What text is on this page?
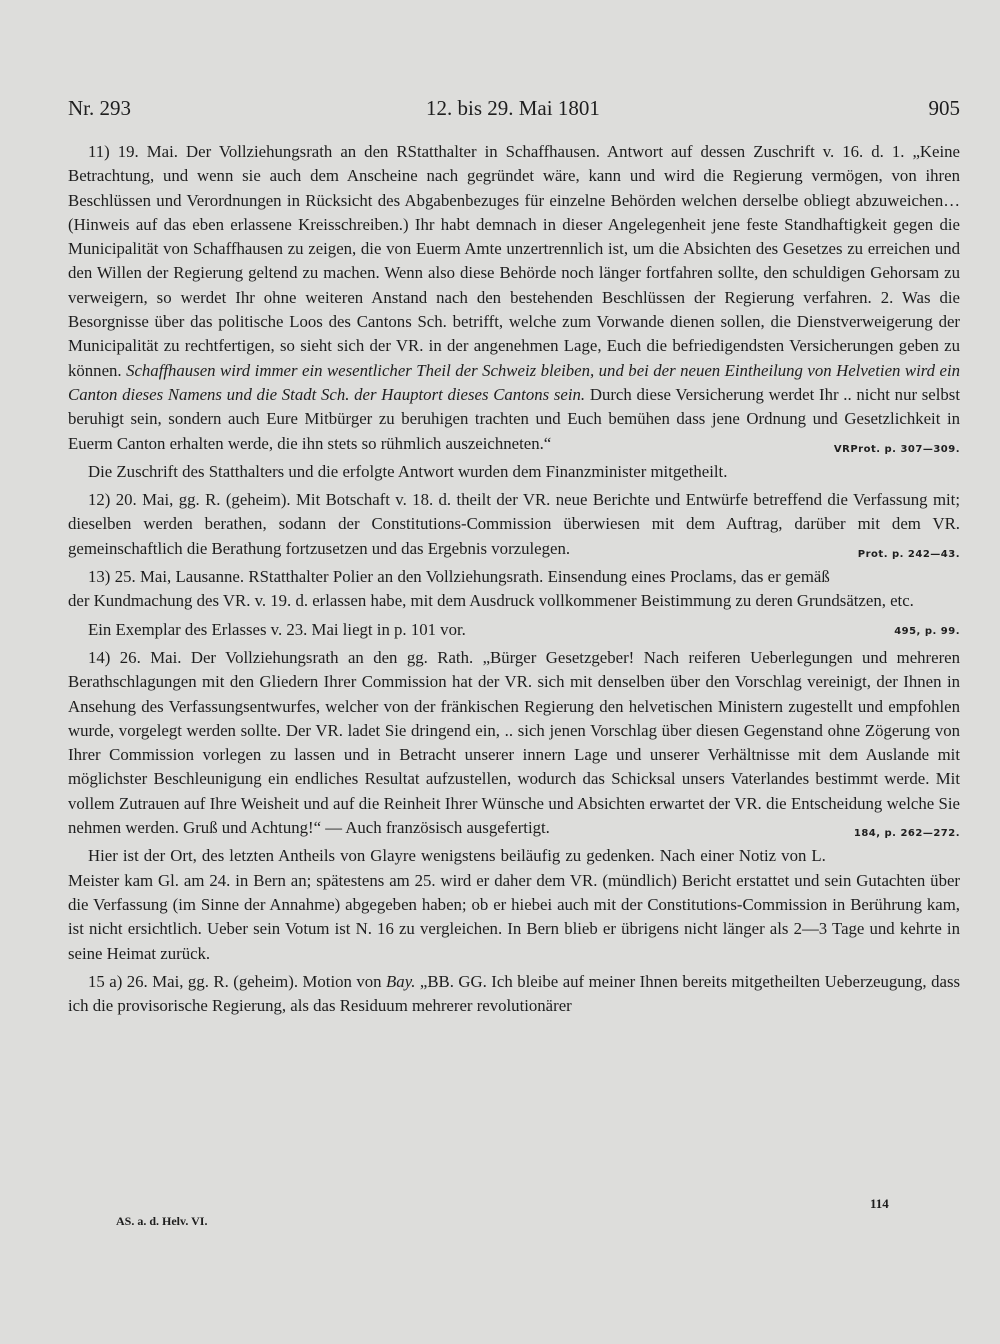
Nr. 293	12. bis 29. Mai 1801	905

11) 19. Mai. Der Vollziehungsrath an den RStatthalter in Schaffhausen. Antwort auf dessen Zuschrift v. 16. d. 1. „Keine Betrachtung, und wenn sie auch dem Anscheine nach gegründet wäre, kann und wird die Regierung vermögen, von ihren Beschlüssen und Verordnungen in Rücksicht des Abgabenbezuges für einzelne Behörden welchen derselbe obliegt abzuweichen… (Hinweis auf das eben erlassene Kreisschreiben.) Ihr habt demnach in dieser Angelegenheit jene feste Standhaftigkeit gegen die Municipalität von Schaffhausen zu zeigen, die von Euerm Amte unzertrennlich ist, um die Absichten des Gesetzes zu erreichen und den Willen der Regierung geltend zu machen. Wenn also diese Behörde noch länger fortfahren sollte, den schuldigen Gehorsam zu verweigern, so werdet Ihr ohne weiteren Anstand nach den bestehenden Beschlüssen der Regierung verfahren. 2. Was die Besorgnisse über das politische Loos des Cantons Sch. betrifft, welche zum Vorwande dienen sollen, die Dienstverweigerung der Municipalität zu rechtfertigen, so sieht sich der VR. in der angenehmen Lage, Euch die befriedigendsten Versicherungen geben zu können. Schaffhausen wird immer ein wesentlicher Theil der Schweiz bleiben, und bei der neuen Eintheilung von Helvetien wird ein Canton dieses Namens und die Stadt Sch. der Hauptort dieses Cantons sein. Durch diese Versicherung werdet Ihr .. nicht nur selbst beruhigt sein, sondern auch Eure Mitbürger zu beruhigen trachten und Euch bemühen dass jene Ordnung und Gesetzlichkeit in Euerm Canton erhalten werde, die ihn stets so rühmlich auszeichneten.“	VRProt. p. 307—309.

Die Zuschrift des Statthalters und die erfolgte Antwort wurden dem Finanzminister mitgetheilt.

12) 20. Mai, gg. R. (geheim). Mit Botschaft v. 18. d. theilt der VR. neue Berichte und Entwürfe betreffend die Verfassung mit; dieselben werden berathen, sodann der Constitutions-Commission überwiesen mit dem Auftrag, darüber mit dem VR. gemeinschaftlich die Berathung fortzusetzen und das Ergebnis vorzulegen.	Prot. p. 242—43.

13) 25. Mai, Lausanne. RStatthalter Polier an den Vollziehungsrath. Einsendung eines Proclams, das er gemäß der Kundmachung des VR. v. 19. d. erlassen habe, mit dem Ausdruck vollkommener Beistimmung zu deren Grundsätzen, etc.
495, p. 99.

Ein Exemplar des Erlasses v. 23. Mai liegt in p. 101 vor.

14) 26. Mai. Der Vollziehungsrath an den gg. Rath. „Bürger Gesetzgeber! Nach reiferen Ueberlegungen und mehreren Berathschlagungen mit den Gliedern Ihrer Commission hat der VR. sich mit denselben über den Vorschlag vereinigt, der Ihnen in Ansehung des Verfassungsentwurfes, welcher von der fränkischen Regierung den helvetischen Ministern zugestellt und empfohlen wurde, vorgelegt werden sollte. Der VR. ladet Sie dringend ein, .. sich jenen Vorschlag über diesen Gegenstand ohne Zögerung von Ihrer Commission vorlegen zu lassen und in Betracht unserer innern Lage und unserer Verhältnisse mit dem Auslande mit möglichster Beschleunigung ein endliches Resultat aufzustellen, wodurch das Schicksal unsers Vaterlandes bestimmt werde. Mit vollem Zutrauen auf Ihre Weisheit und auf die Reinheit Ihrer Wünsche und Absichten erwartet der VR. die Entscheidung welche Sie nehmen werden. Gruß und Achtung!“ — Auch französisch ausgefertigt.	184, p. 262—272.

Hier ist der Ort, des letzten Antheils von Glayre wenigstens beiläufig zu gedenken. Nach einer Notiz von L. Meister kam Gl. am 24. in Bern an; spätestens am 25. wird er daher dem VR. (mündlich) Bericht erstattet und sein Gutachten über die Verfassung (im Sinne der Annahme) abgegeben haben; ob er hiebei auch mit der Constitutions-Commission in Berührung kam, ist nicht ersichtlich. Ueber sein Votum ist N. 16 zu vergleichen. In Bern blieb er übrigens nicht länger als 2—3 Tage und kehrte in seine Heimat zurück.

15 a) 26. Mai, gg. R. (geheim). Motion von Bay. „BB. GG. Ich bleibe auf meiner Ihnen bereits mitgetheilten Ueberzeugung, dass ich die provisorische Regierung, als das Residuum mehrerer revolutionärer

114
AS. a. d. Helv. VI.
